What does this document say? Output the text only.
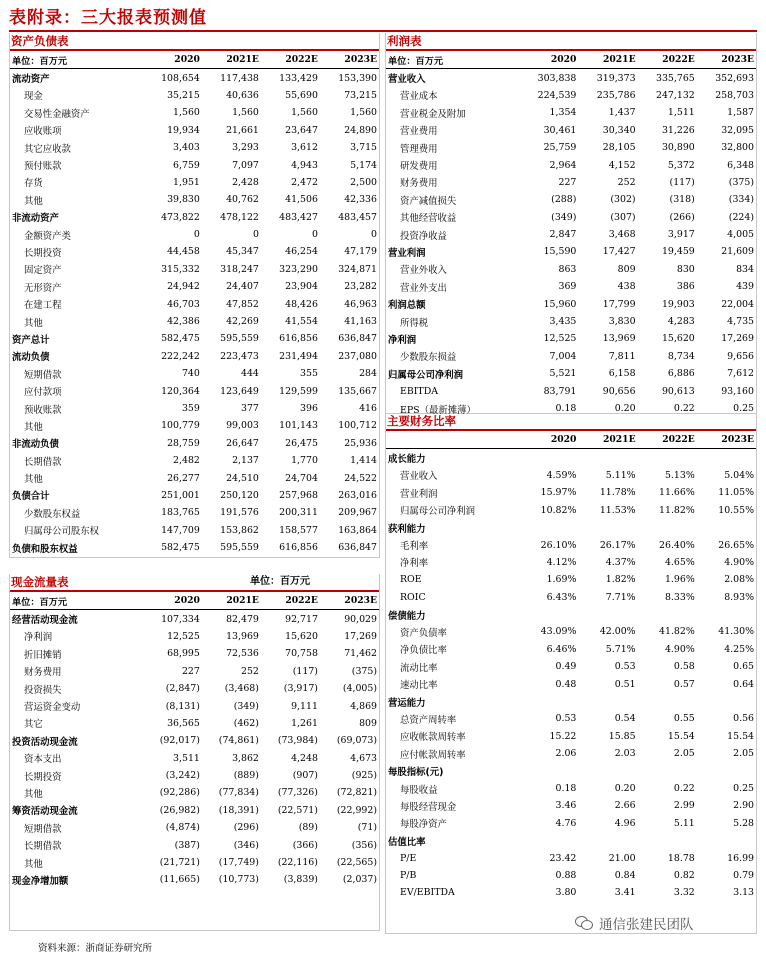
表附录：三大报表预测值
资产负债表
单位：百万元	2020	2021E	2022E	2023E
流动资产	108,654	117,438	133,429	153,390
现金	35,215	40,636	55,690	73,215
交易性金融资产	1,560	1,560	1,560	1,560
应收账项	19,934	21,661	23,647	24,890
其它应收款	3,403	3,293	3,612	3,715
预付账款	6,759	7,097	4,943	5,174
存货	1,951	2,428	2,472	2,500
其他	39,830	40,762	41,506	42,336
非流动资产	473,822	478,122	483,427	483,457
金额资产类	0	0	0	0
长期投资	44,458	45,347	46,254	47,179
固定资产	315,332	318,247	323,290	324,871
无形资产	24,942	24,407	23,904	23,282
在建工程	46,703	47,852	48,426	46,963
其他	42,386	42,269	41,554	41,163
资产总计	582,475	595,559	616,856	636,847
流动负债	222,242	223,473	231,494	237,080
短期借款	740	444	355	284
应付款项	120,364	123,649	129,599	135,667
预收账款	359	377	396	416
其他	100,779	99,003	101,143	100,712
非流动负债	28,759	26,647	26,475	25,936
长期借款	2,482	2,137	1,770	1,414
其他	26,277	24,510	24,704	24,522
负债合计	251,001	250,120	257,968	263,016
少数股东权益	183,765	191,576	200,311	209,967
归属母公司股东权	147,709	153,862	158,577	163,864
负债和股东权益	582,475	595,559	616,856	636,847
现金流量表	单位：百万元
单位：百万元	2020	2021E	2022E	2023E
经营活动现金流	107,334	82,479	92,717	90,029
净利润	12,525	13,969	15,620	17,269
折旧摊销	68,995	72,536	70,758	71,462
财务费用	227	252	(117)	(375)
投资损失	(2,847)	(3,468)	(3,917)	(4,005)
营运资金变动	(8,131)	(349)	9,111	4,869
其它	36,565	(462)	1,261	809
投资活动现金流	(92,017)	(74,861)	(73,984)	(69,073)
资本支出	3,511	3,862	4,248	4,673
长期投资	(3,242)	(889)	(907)	(925)
其他	(92,286)	(77,834)	(77,326)	(72,821)
筹资活动现金流	(26,982)	(18,391)	(22,571)	(22,992)
短期借款	(4,874)	(296)	(89)	(71)
长期借款	(387)	(346)	(366)	(356)
其他	(21,721)	(17,749)	(22,116)	(22,565)
现金净增加额	(11,665)	(10,773)	(3,839)	(2,037)
利润表
单位：百万元	2020	2021E	2022E	2023E
营业收入	303,838	319,373	335,765	352,693
营业成本	224,539	235,786	247,132	258,703
营业税金及附加	1,354	1,437	1,511	1,587
营业费用	30,461	30,340	31,226	32,095
管理费用	25,759	28,105	30,890	32,800
研发费用	2,964	4,152	5,372	6,348
财务费用	227	252	(117)	(375)
资产减值损失	(288)	(302)	(318)	(334)
其他经营收益	(349)	(307)	(266)	(224)
投资净收益	2,847	3,468	3,917	4,005
营业利润	15,590	17,427	19,459	21,609
营业外收入	863	809	830	834
营业外支出	369	438	386	439
利润总额	15,960	17,799	19,903	22,004
所得税	3,435	3,830	4,283	4,735
净利润	12,525	13,969	15,620	17,269
少数股东损益	7,004	7,811	8,734	9,656
归属母公司净利润	5,521	6,158	6,886	7,612
EBITDA	83,791	90,656	90,613	93,160
EPS（最新摊薄）	0.18	0.20	0.22	0.25
主要财务比率
	2020	2021E	2022E	2023E
成长能力				
营业收入	4.59%	5.11%	5.13%	5.04%
营业利润	15.97%	11.78%	11.66%	11.05%
归属母公司净利润	10.82%	11.53%	11.82%	10.55%
获利能力				
毛利率	26.10%	26.17%	26.40%	26.65%
净利率	4.12%	4.37%	4.65%	4.90%
ROE	1.69%	1.82%	1.96%	2.08%
ROIC	6.43%	7.71%	8.33%	8.93%
偿债能力				
资产负债率	43.09%	42.00%	41.82%	41.30%
净负债比率	6.46%	5.71%	4.90%	4.25%
流动比率	0.49	0.53	0.58	0.65
速动比率	0.48	0.51	0.57	0.64
营运能力				
总资产周转率	0.53	0.54	0.55	0.56
应收帐款周转率	15.22	15.85	15.54	15.54
应付帐款周转率	2.06	2.03	2.05	2.05
每股指标(元)				
每股收益	0.18	0.20	0.22	0.25
每股经营现金	3.46	2.66	2.99	2.90
每股净资产	4.76	4.96	5.11	5.28
估值比率				
P/E	23.42	21.00	18.78	16.99
P/B	0.88	0.84	0.82	0.79
EV/EBITDA	3.80	3.41	3.32	3.13
通信张建民团队
资料来源：浙商证券研究所
